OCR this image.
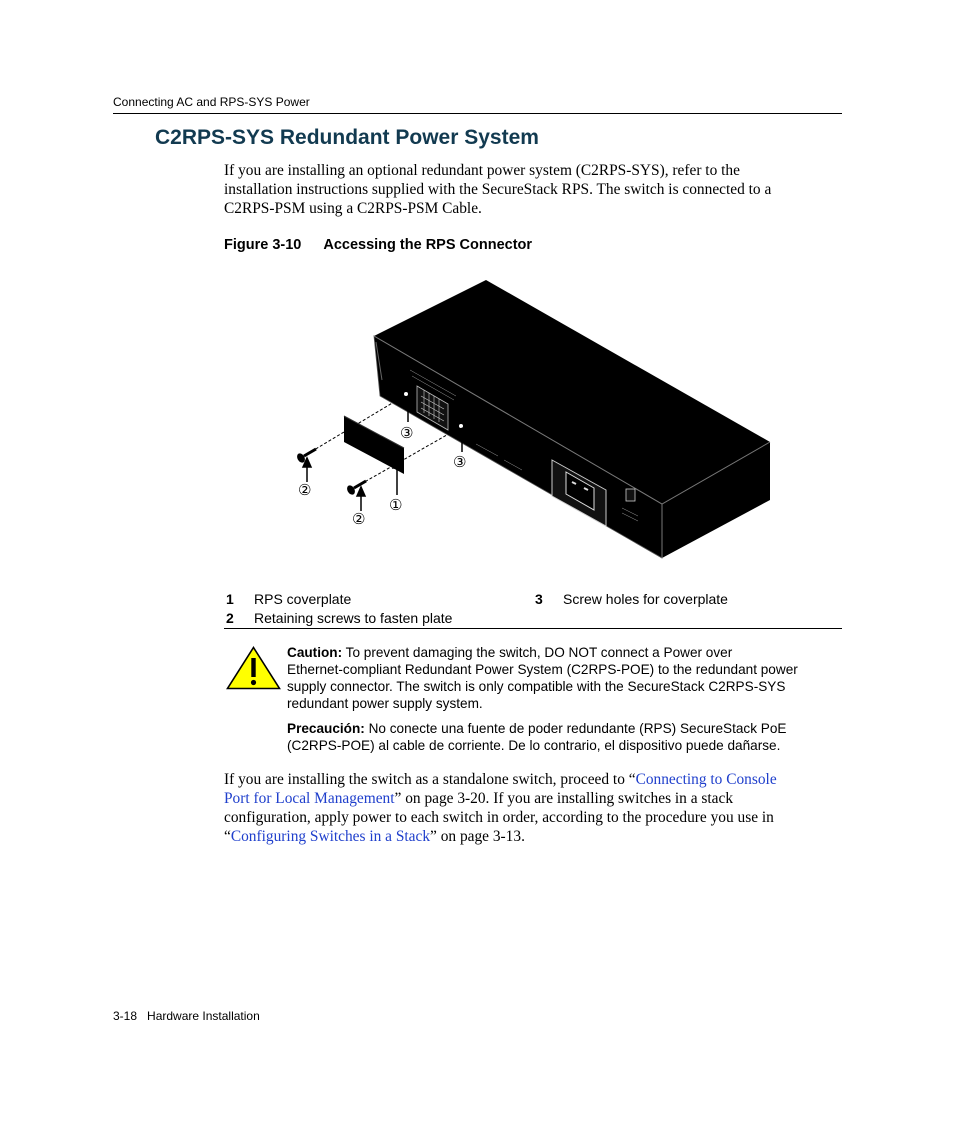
Connecting AC and RPS-SYS Power
C2RPS-SYS Redundant Power System
If you are installing an optional redundant power system (C2RPS-SYS), refer to the
installation instructions supplied with the SecureStack RPS. The switch is connected to a
C2RPS-PSM using a C2RPS-PSM Cable.
Figure 3-10 Accessing the RPS Connector
②
②
①
③
③
1 RPS coverplate
2 Retaining screws to fasten plate
3 Screw holes for coverplate
Caution: To prevent damaging the switch, DO NOT connect a Power over
Ethernet-compliant Redundant Power System (C2RPS-POE) to the redundant power
supply connector. The switch is only compatible with the SecureStack C2RPS-SYS
redundant power supply system.
Precaución: No conecte una fuente de poder redundante (RPS) SecureStack PoE
(C2RPS-POE) al cable de corriente. De lo contrario, el dispositivo puede dañarse.
If you are installing the switch as a standalone switch, proceed to “Connecting to Console
Port for Local Management” on page 3-20. If you are installing switches in a stack
configuration, apply power to each switch in order, according to the procedure you use in
“Configuring Switches in a Stack” on page 3-13.
3-18 Hardware Installation
